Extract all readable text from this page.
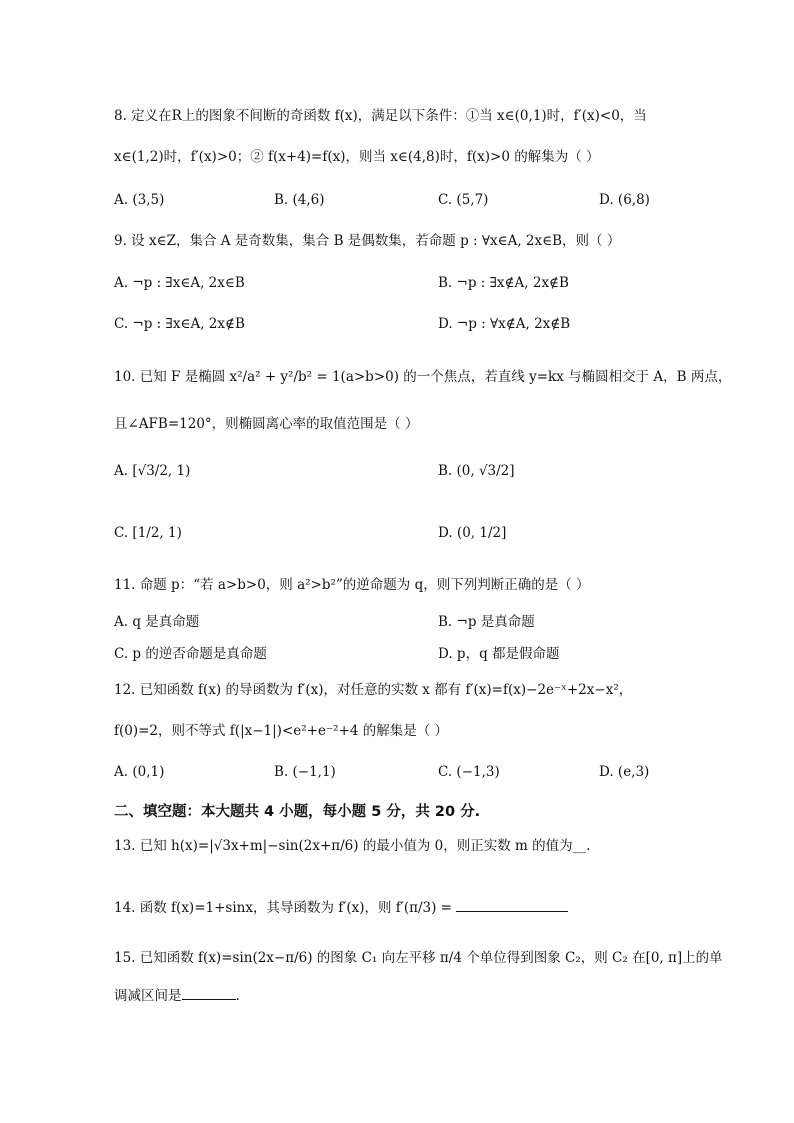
8. 定义在R上的图象不间断的奇函数 f(x)，满足以下条件：①当 x∈(0,1)时，f′(x)<0，当
x∈(1,2)时，f′(x)>0；② f(x+4)=f(x)，则当 x∈(4,8)时，f(x)>0 的解集为（ ）
A. (3,5)	B. (4,6)	C. (5,7)	D. (6,8)
9. 设 x∈Z，集合 A 是奇数集，集合 B 是偶数集，若命题 p : ∀x∈A, 2x∈B，则（ ）
A. ¬p : ∃x∈A, 2x∈B	B. ¬p : ∃x∉A, 2x∉B
C. ¬p : ∃x∈A, 2x∉B	D. ¬p : ∀x∉A, 2x∉B
10. 已知 F 是椭圆 x²/a² + y²/b² = 1(a>b>0) 的一个焦点，若直线 y=kx 与椭圆相交于 A，B 两点，
且∠AFB=120°，则椭圆离心率的取值范围是（ ）
A. [√3/2, 1)	B. (0, √3/2]
C. [1/2, 1)	D. (0, 1/2]
11. 命题 p：“若 a>b>0，则 a²>b²”的逆命题为 q，则下列判断正确的是（ ）
A. q 是真命题	B. ¬p 是真命题
C. p 的逆否命题是真命题	D. p，q 都是假命题
12. 已知函数 f(x) 的导函数为 f′(x)，对任意的实数 x 都有 f′(x)=f(x)−2e⁻ˣ+2x−x²，
f(0)=2，则不等式 f(|x−1|)<e²+e⁻²+4 的解集是（ ）
A. (0,1)	B. (−1,1)	C. (−1,3)	D. (e,3)
二、填空题：本大题共 4 小题，每小题 5 分，共 20 分.
13. 已知 h(x)=|√3x+m|−sin(2x+π/6) 的最小值为 0，则正实数 m 的值为__.
14. 函数 f(x)=1+sinx，其导函数为 f′(x)，则 f′(π/3) =
15. 已知函数 f(x)=sin(2x−π/6) 的图象 C₁ 向左平移 π/4 个单位得到图象 C₂，则 C₂ 在[0, π]上的单
调减区间是	.
